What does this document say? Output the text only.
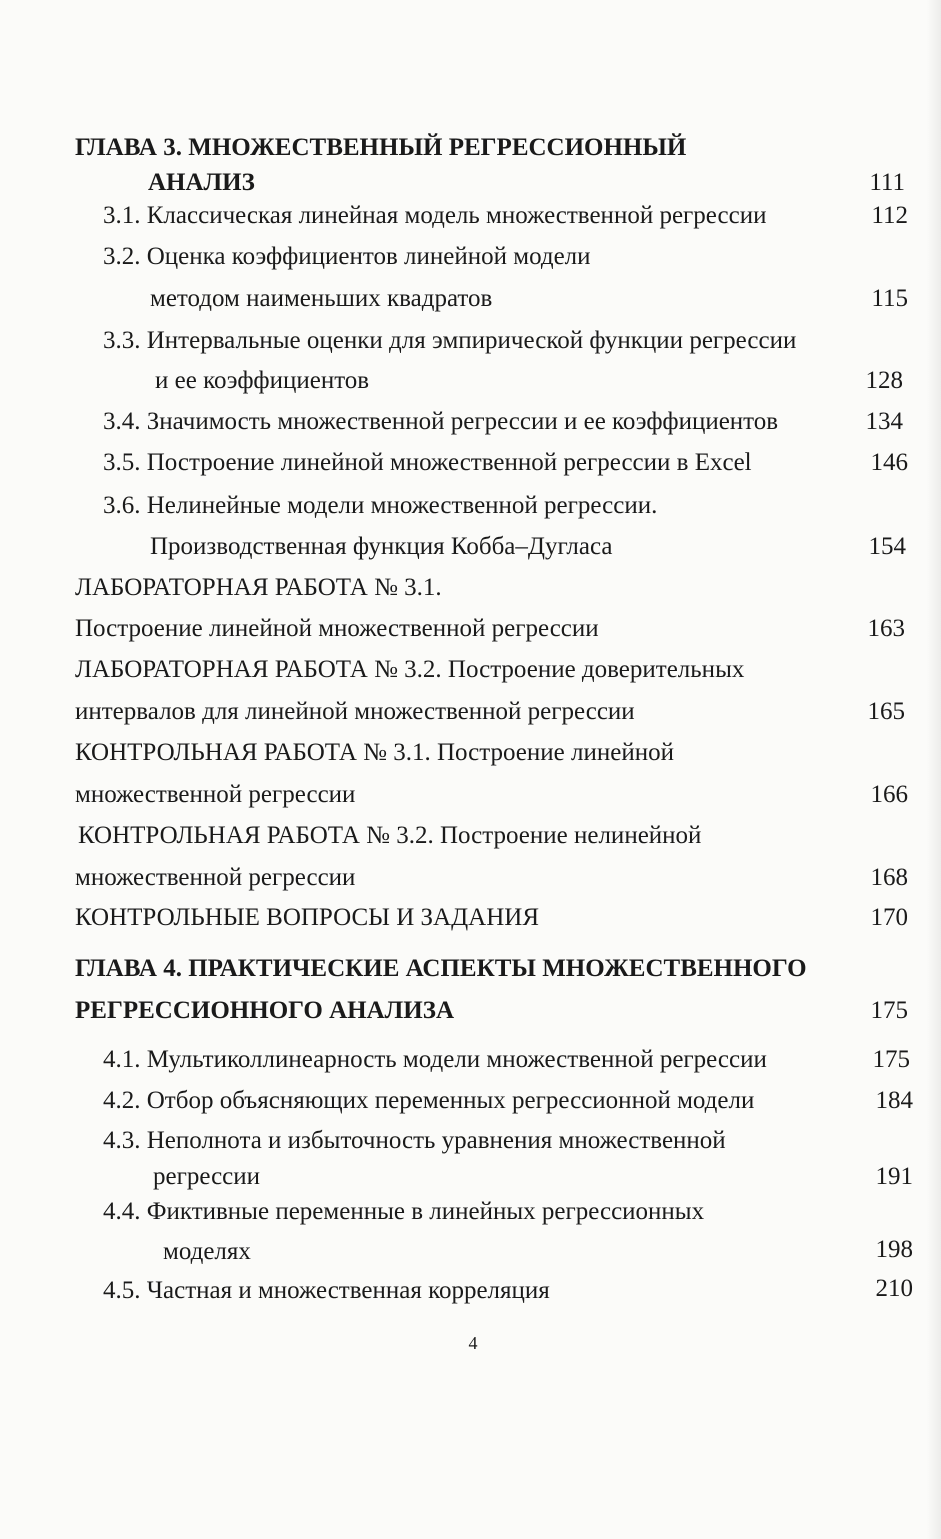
ГЛАВА 3. МНОЖЕСТВЕННЫЙ РЕГРЕССИОННЫЙ
АНАЛИЗ	111
3.1. Классическая линейная модель множественной регрессии	112
3.2. Оценка коэффициентов линейной модели
методом наименьших квадратов	115
3.3. Интервальные оценки для эмпирической функции регрессии
и ее коэффициентов	128
3.4. Значимость множественной регрессии и ее коэффициентов	134
3.5. Построение линейной множественной регрессии в Excel	146
3.6. Нелинейные модели множественной регрессии.
Производственная функция Кобба–Дугласа	154
ЛАБОРАТОРНАЯ РАБОТА № 3.1.
Построение линейной множественной регрессии	163
ЛАБОРАТОРНАЯ РАБОТА № 3.2. Построение доверительных
интервалов для линейной множественной регрессии	165
КОНТРОЛЬНАЯ РАБОТА № 3.1. Построение линейной
множественной регрессии	166
КОНТРОЛЬНАЯ РАБОТА № 3.2. Построение нелинейной
множественной регрессии	168
КОНТРОЛЬНЫЕ ВОПРОСЫ И ЗАДАНИЯ	170
ГЛАВА 4. ПРАКТИЧЕСКИЕ АСПЕКТЫ МНОЖЕСТВЕННОГО
РЕГРЕССИОННОГО АНАЛИЗА	175
4.1. Мультиколлинеарность модели множественной регрессии	175
4.2. Отбор объясняющих переменных регрессионной модели	184
4.3. Неполнота и избыточность уравнения множественной
регрессии	191
4.4. Фиктивные переменные в линейных регрессионных
моделях	198
4.5. Частная и множественная корреляция	210
4
